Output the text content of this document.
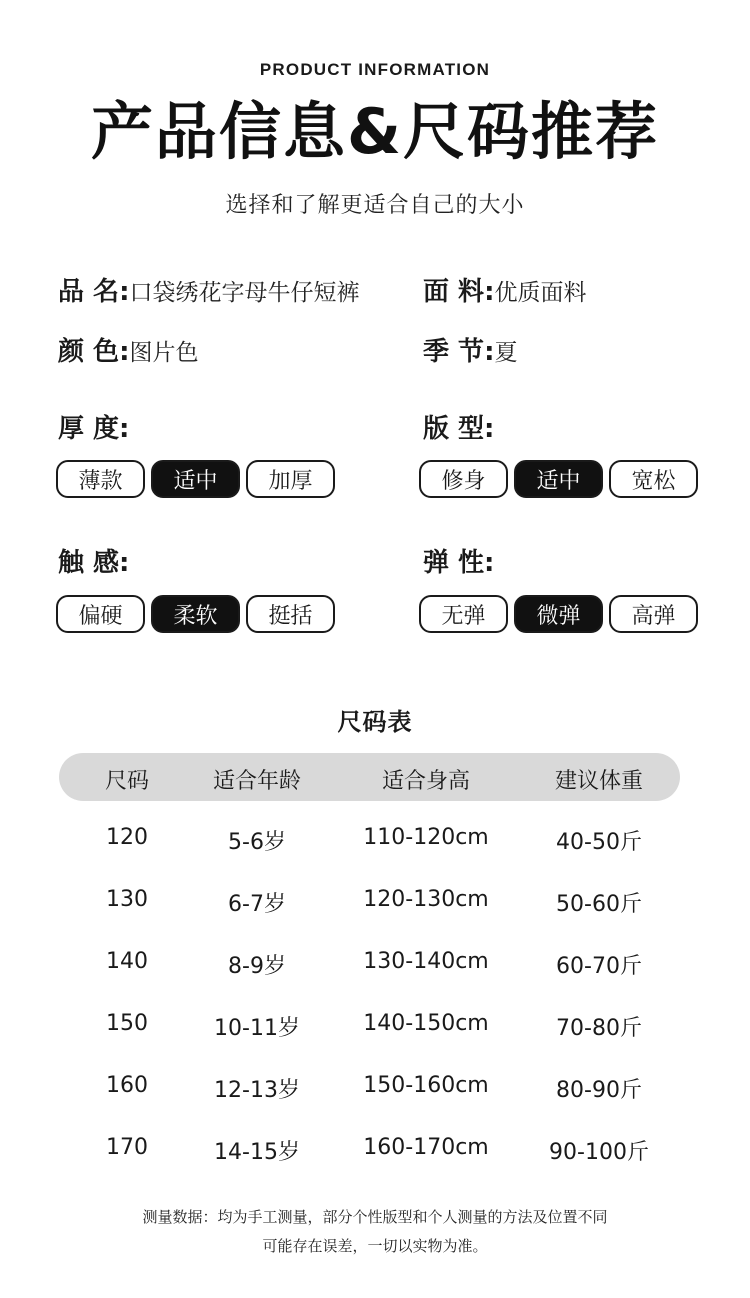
PRODUCT INFORMATION
产品信息&尺码推荐
选择和了解更适合自己的大小
品 名:口袋绣花字母牛仔短裤 面 料:优质面料
颜 色:图片色	季 节:夏
厚 度:
薄款	适中	加厚
版 型:
修身	适中	宽松
触 感:
偏硬	柔软	挺括
弹 性:
无弹	微弹	高弹
尺码表
尺码	适合年龄	适合身高	建议体重
120	5-6岁	110-120cm	40-50斤
130	6-7岁	120-130cm	50-60斤
140	8-9岁	130-140cm	60-70斤
150	10-11岁	140-150cm	70-80斤
160	12-13岁	150-160cm	80-90斤
170	14-15岁	160-170cm	90-100斤
测量数据：均为手工测量，部分个性版型和个人测量的方法及位置不同
可能存在误差，一切以实物为准。
